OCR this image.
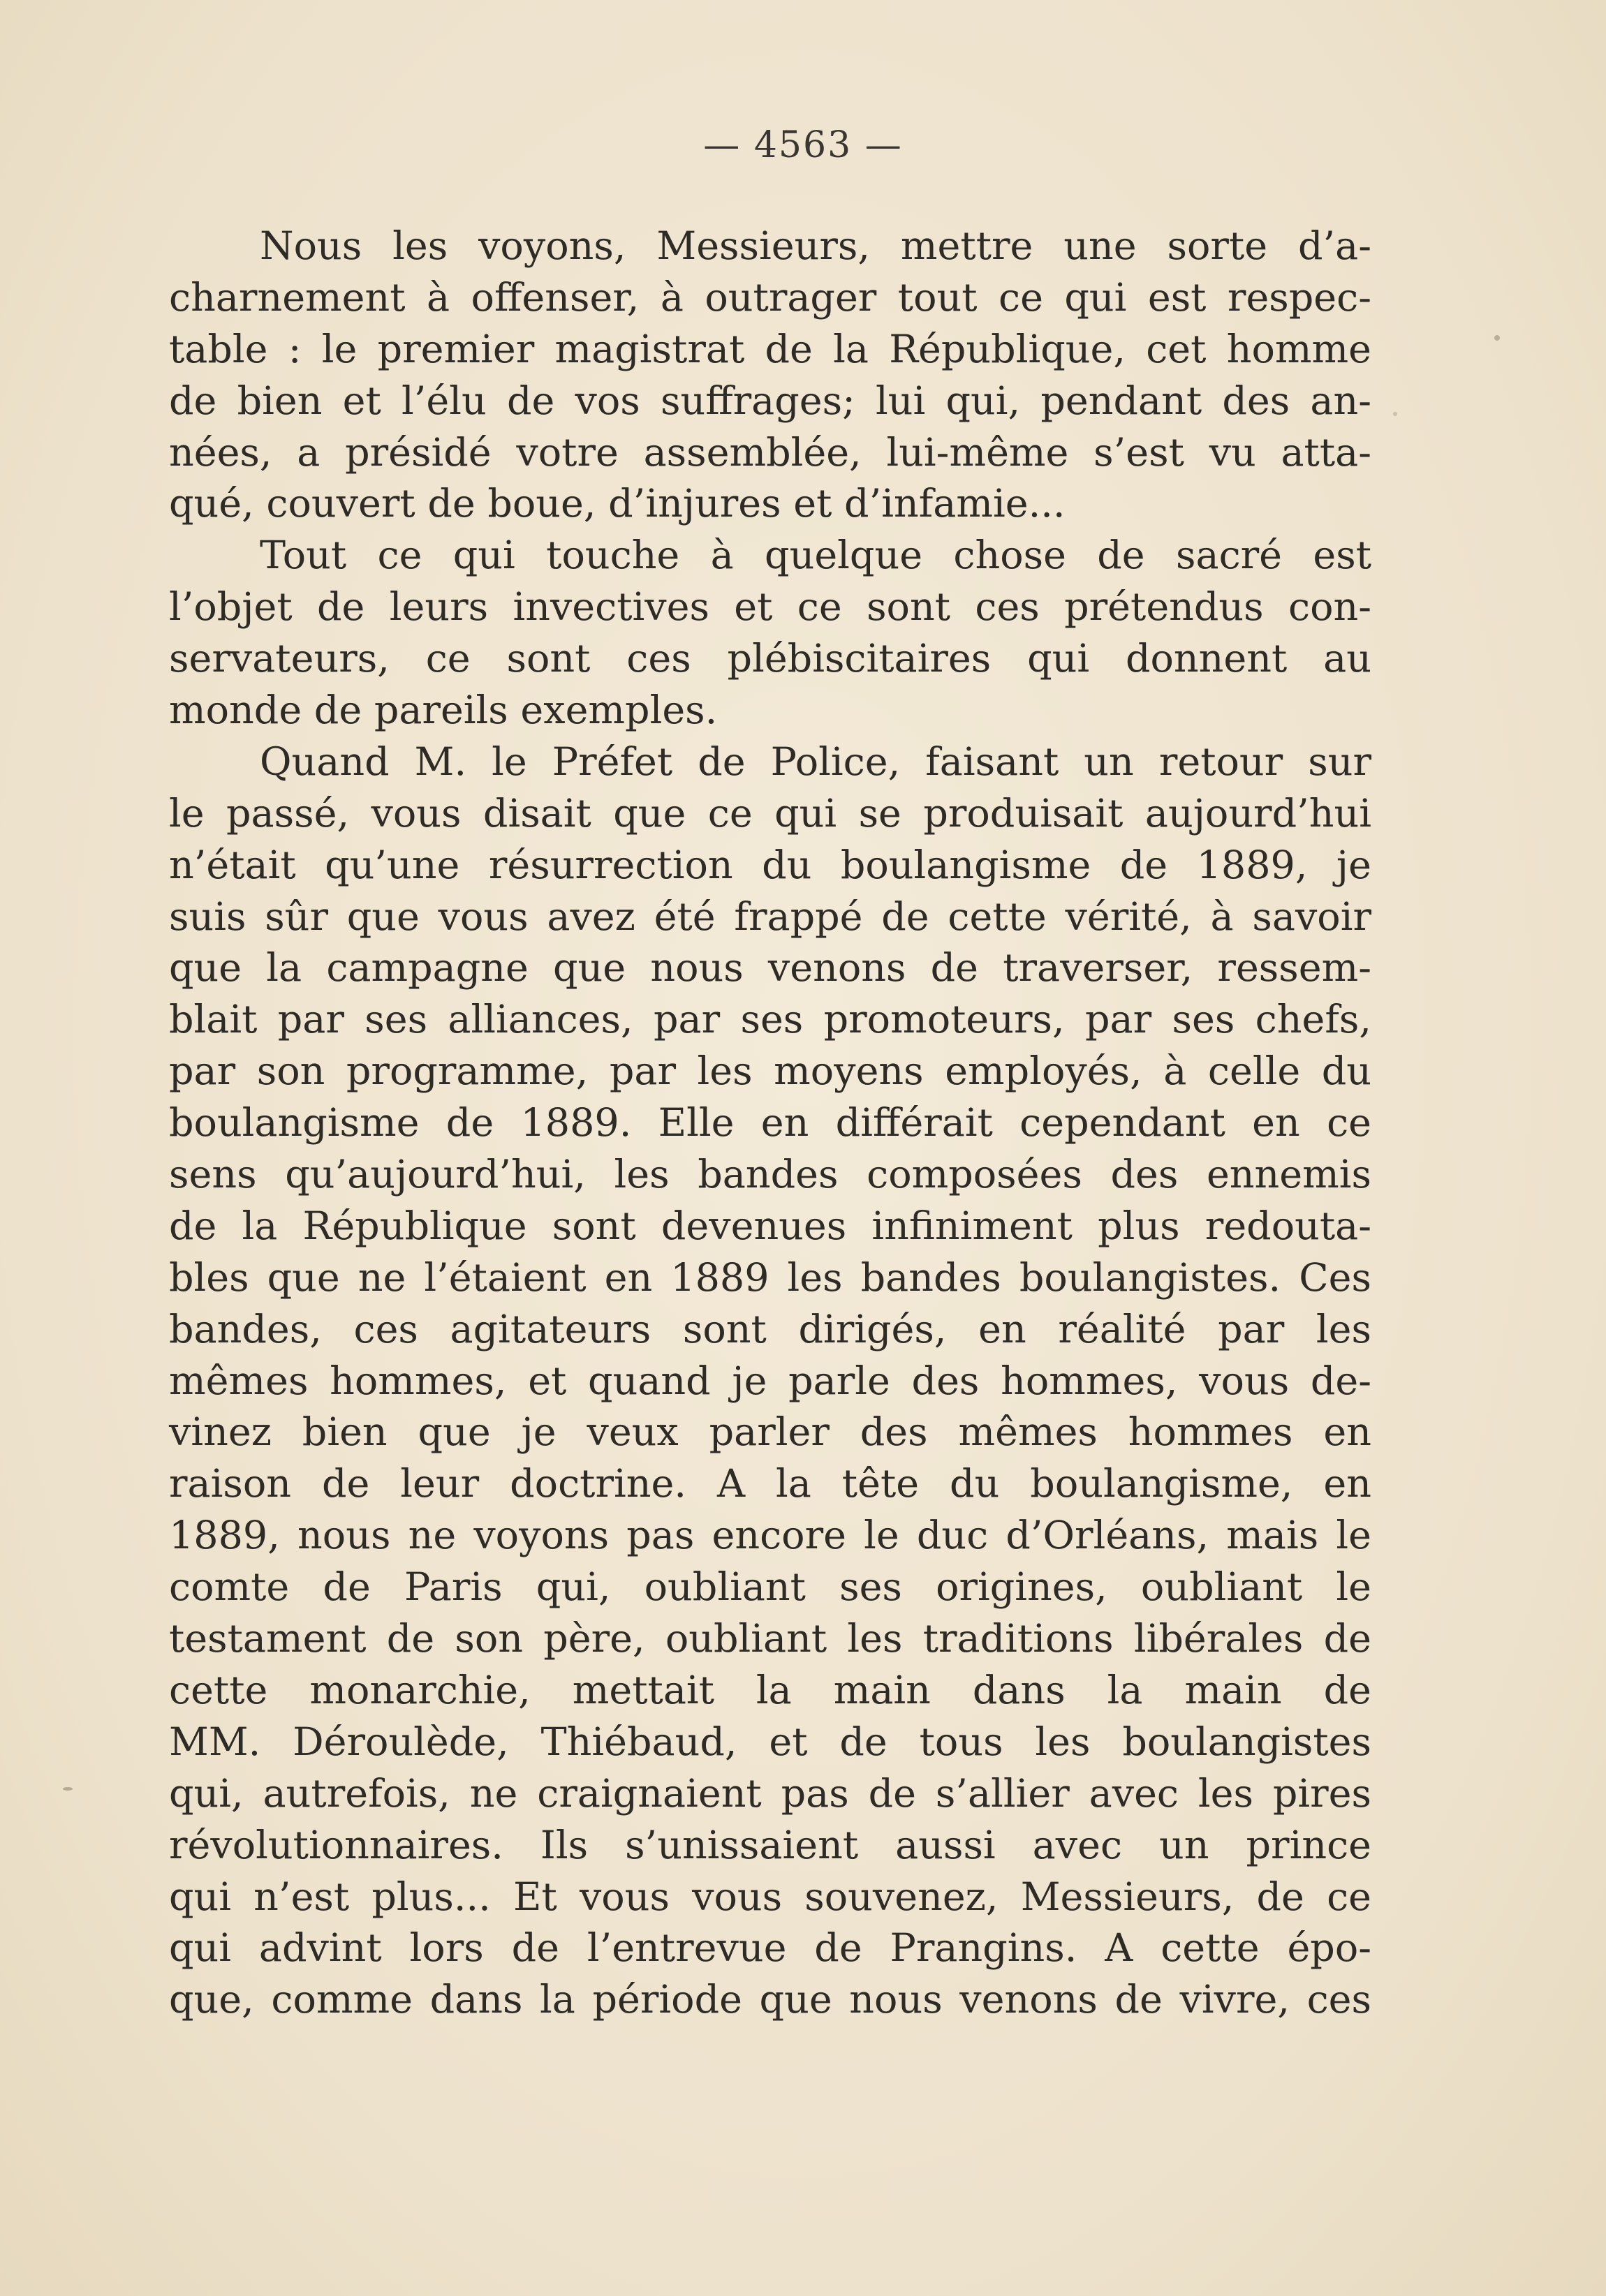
— 4563 —
Nous les voyons, Messieurs, mettre une sorte d’a-
charnement à offenser, à outrager tout ce qui est respec-
table : le premier magistrat de la République, cet homme
de bien et l’élu de vos suffrages; lui qui, pendant des an-
nées, a présidé votre assemblée, lui-même s’est vu atta-
qué, couvert de boue, d’injures et d’infamie...
Tout ce qui touche à quelque chose de sacré est
l’objet de leurs invectives et ce sont ces prétendus con-
servateurs, ce sont ces plébiscitaires qui donnent au
monde de pareils exemples.
Quand M. le Préfet de Police, faisant un retour sur
le passé, vous disait que ce qui se produisait aujourd’hui
n’était qu’une résurrection du boulangisme de 1889, je
suis sûr que vous avez été frappé de cette vérité, à savoir
que la campagne que nous venons de traverser, ressem-
blait par ses alliances, par ses promoteurs, par ses chefs,
par son programme, par les moyens employés, à celle du
boulangisme de 1889. Elle en différait cependant en ce
sens qu’aujourd’hui, les bandes composées des ennemis
de la République sont devenues infiniment plus redouta-
bles que ne l’étaient en 1889 les bandes boulangistes. Ces
bandes, ces agitateurs sont dirigés, en réalité par les
mêmes hommes, et quand je parle des hommes, vous de-
vinez bien que je veux parler des mêmes hommes en
raison de leur doctrine. A la tête du boulangisme, en
1889, nous ne voyons pas encore le duc d’Orléans, mais le
comte de Paris qui, oubliant ses origines, oubliant le
testament de son père, oubliant les traditions libérales de
cette monarchie, mettait la main dans la main de
MM. Déroulède, Thiébaud, et de tous les boulangistes
qui, autrefois, ne craignaient pas de s’allier avec les pires
révolutionnaires. Ils s’unissaient aussi avec un prince
qui n’est plus... Et vous vous souvenez, Messieurs, de ce
qui advint lors de l’entrevue de Prangins. A cette épo-
que, comme dans la période que nous venons de vivre, ces
